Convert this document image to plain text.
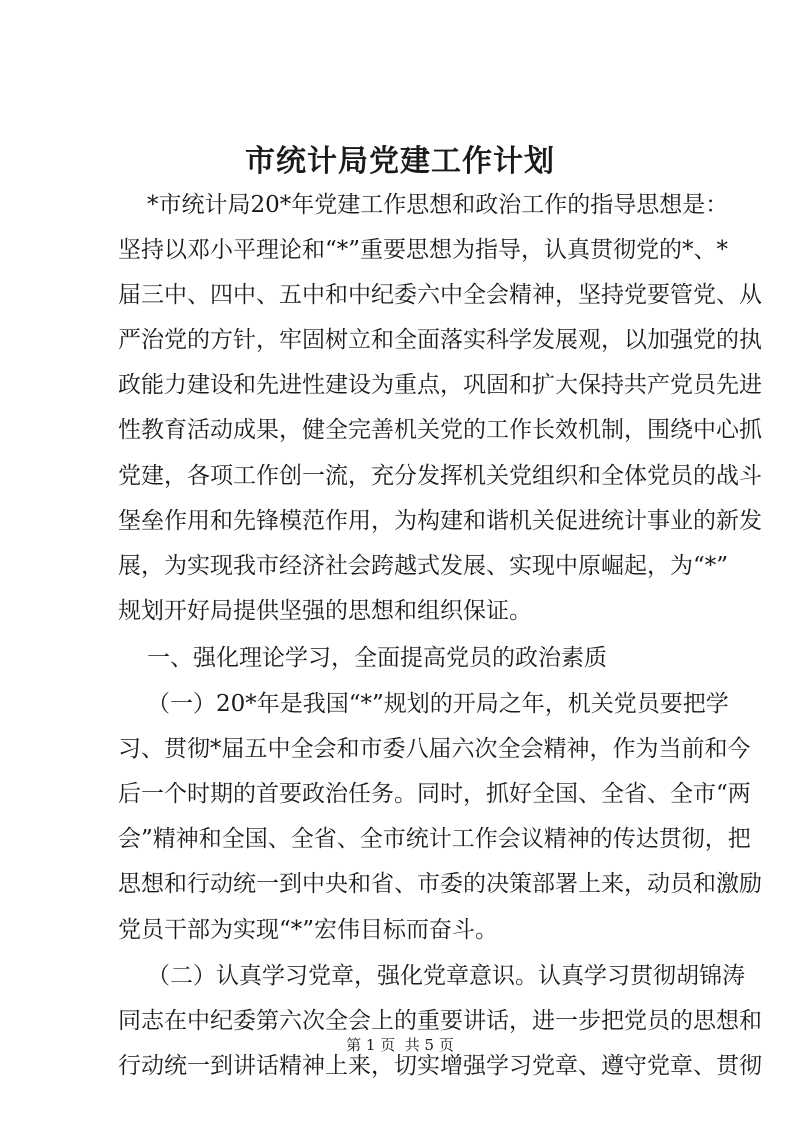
市统计局党建工作计划
*市统计局20*年党建工作思想和政治工作的指导思想是：
坚持以邓小平理论和“*”重要思想为指导，认真贯彻党的*、*
届三中、四中、五中和中纪委六中全会精神，坚持党要管党、从
严治党的方针，牢固树立和全面落实科学发展观，以加强党的执
政能力建设和先进性建设为重点，巩固和扩大保持共产党员先进
性教育活动成果，健全完善机关党的工作长效机制，围绕中心抓
党建，各项工作创一流，充分发挥机关党组织和全体党员的战斗
堡垒作用和先锋模范作用，为构建和谐机关促进统计事业的新发
展，为实现我市经济社会跨越式发展、实现中原崛起，为“*”
规划开好局提供坚强的思想和组织保证。
一、强化理论学习，全面提高党员的政治素质
（一）20*年是我国“*”规划的开局之年，机关党员要把学
习、贯彻*届五中全会和市委八届六次全会精神，作为当前和今
后一个时期的首要政治任务。同时，抓好全国、全省、全市“两
会”精神和全国、全省、全市统计工作会议精神的传达贯彻，把
思想和行动统一到中央和省、市委的决策部署上来，动员和激励
党员干部为实现“*”宏伟目标而奋斗。
（二）认真学习党章，强化党章意识。认真学习贯彻胡锦涛
同志在中纪委第六次全会上的重要讲话，进一步把党员的思想和
行动统一到讲话精神上来，切实增强学习党章、遵守党章、贯彻
第 1 页  共 5 页
